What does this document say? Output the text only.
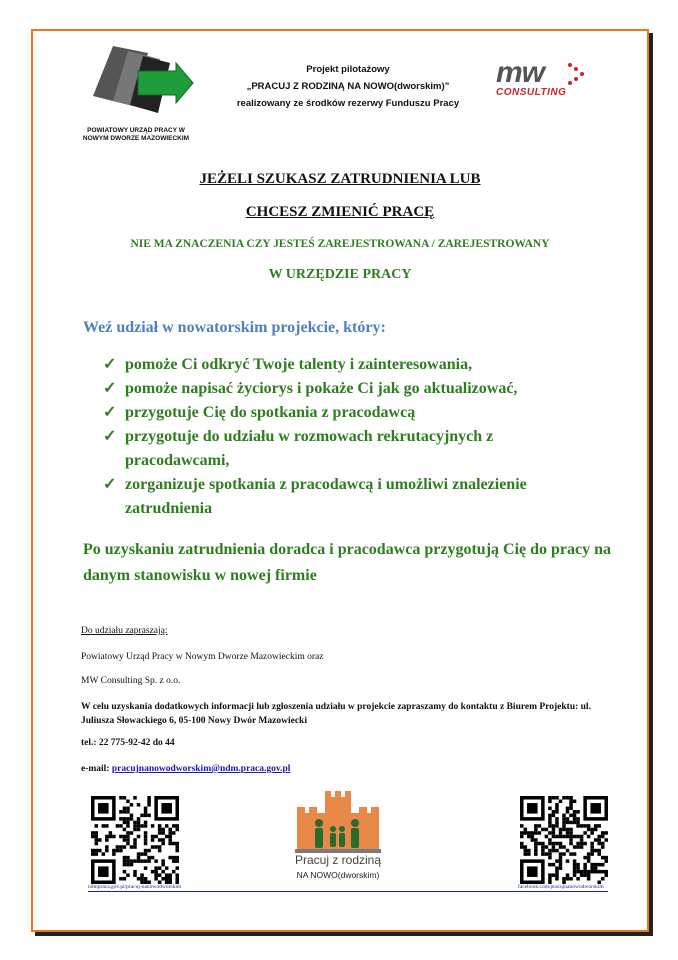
POWIATOWY URZĄD PRACY W NOWYM DWORZE MAZOWIECKIM
Projekt pilotażowy
„PRACUJ Z RODZINĄ NA NOWO(dworskim)”
realizowany ze środków rezerwy Funduszu Pracy
mw
CONSULTING
JEŻELI SZUKASZ ZATRUDNIENIA LUB
CHCESZ ZMIENIĆ PRACĘ
NIE MA ZNACZENIA CZY JESTEŚ ZAREJESTROWANA / ZAREJESTROWANY
W URZĘDZIE PRACY
Weź udział w nowatorskim projekcie, który:
✓ pomoże Ci odkryć Twoje talenty i zainteresowania,
✓ pomoże napisać życiorys i pokaże Ci jak go aktualizować,
✓ przygotuje Cię do spotkania z pracodawcą
✓ przygotuje do udziału w rozmowach rekrutacyjnych z pracodawcami,
✓ zorganizuje spotkania z pracodawcą i umożliwi znalezienie zatrudnienia
Po uzyskaniu zatrudnienia doradca i pracodawca przygotują Cię do pracy na danym stanowisku w nowej firmie
Do udziału zapraszają:
Powiatowy Urząd Pracy w Nowym Dworze Mazowieckim oraz
MW Consulting Sp. z o.o.
W celu uzyskania dodatkowych informacji lub zgłoszenia udziału w projekcie zapraszamy do kontaktu z Biurem Projektu: ul. Juliusza Słowackiego 6, 05-100 Nowy Dwór Mazowiecki
tel.: 22 775-92-42 do 44
e-mail: pracujnanowodworskim@ndm.praca.gov.pl
Pracuj z rodziną
NA NOWO(dworskim)
ndmpraca.gov.pl/pracuj-nanowodworskim	facebook.com/pracujnanowodworskim
